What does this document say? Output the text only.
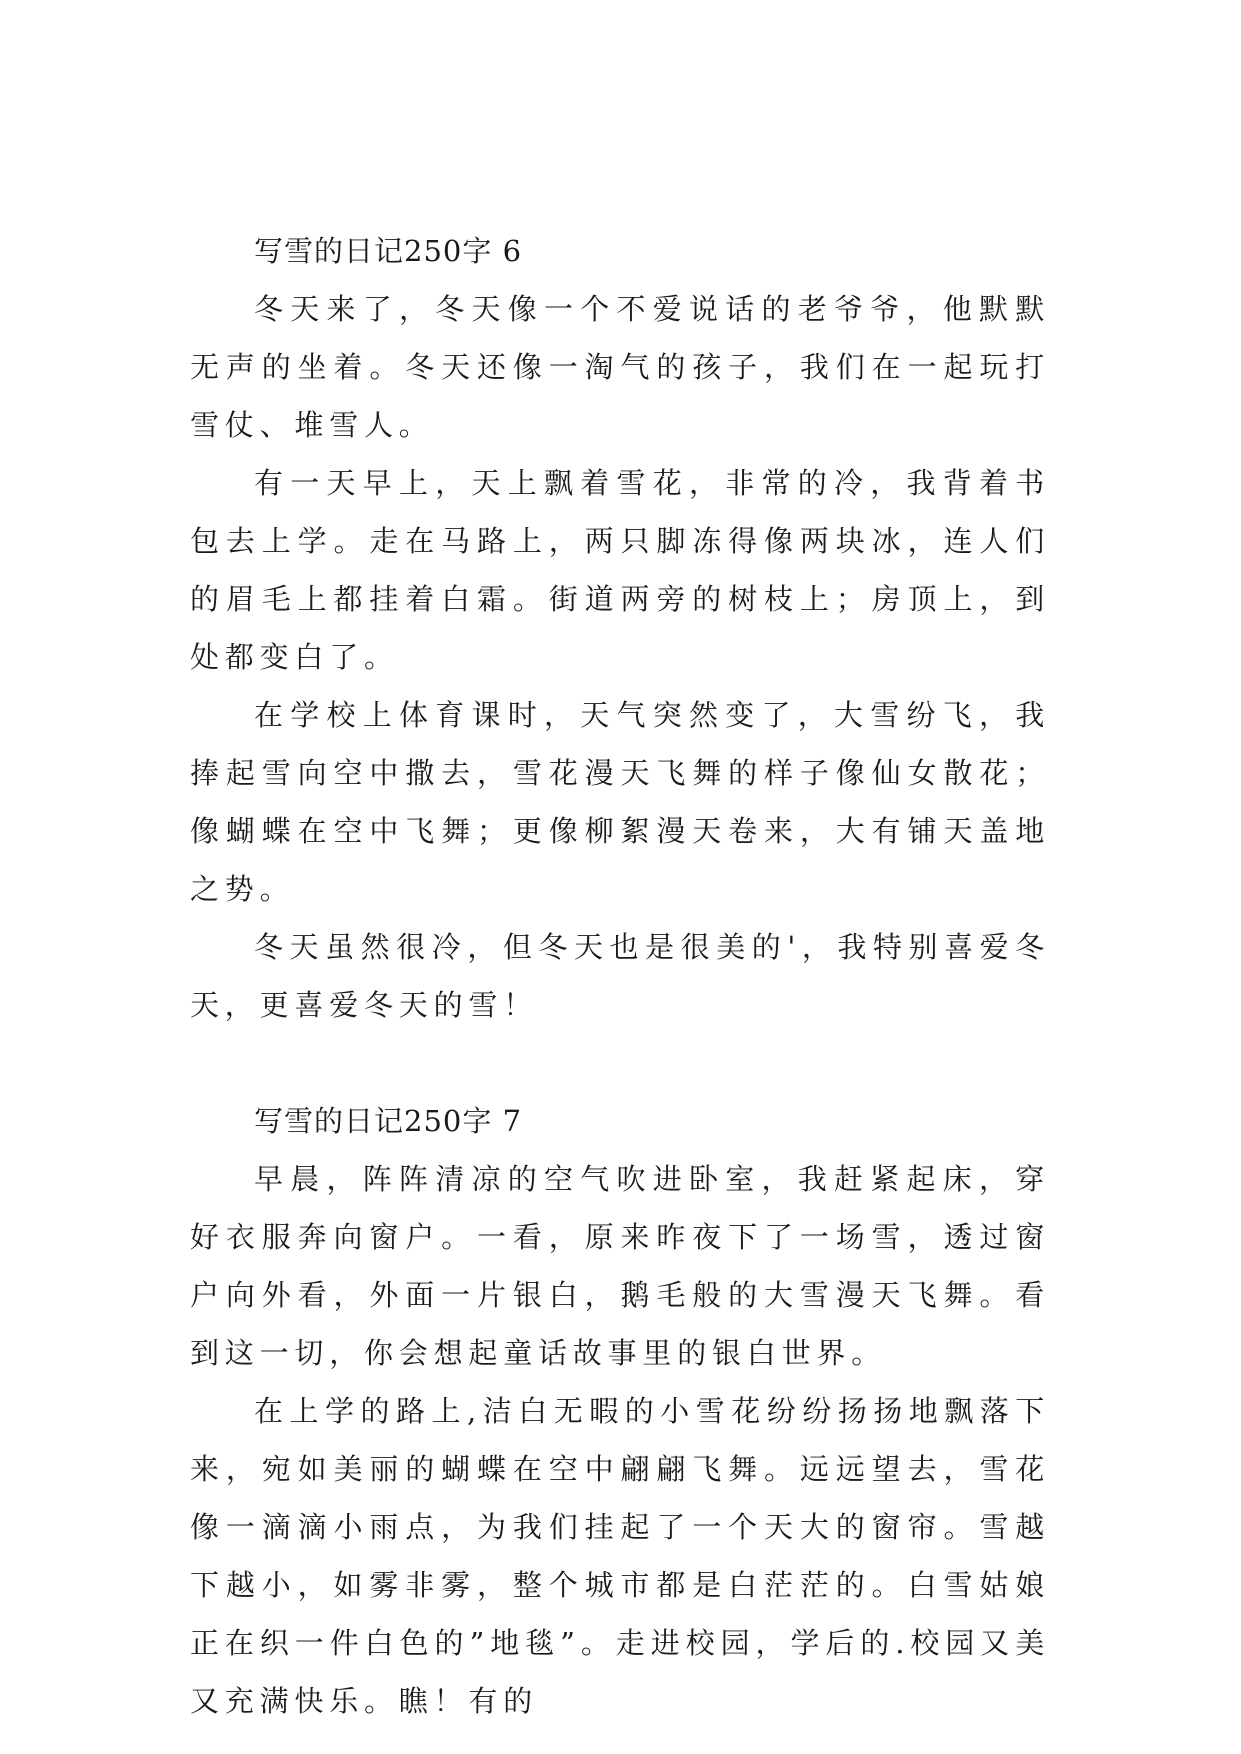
写雪的日记250字 6

冬天来了，冬天像一个不爱说话的老爷爷，他默默无声的坐着。冬天还像一淘气的孩子，我们在一起玩打雪仗、堆雪人。

有一天早上，天上飘着雪花，非常的冷，我背着书包去上学。走在马路上，两只脚冻得像两块冰，连人们的眉毛上都挂着白霜。街道两旁的树枝上；房顶上，到处都变白了。

在学校上体育课时，天气突然变了，大雪纷飞，我捧起雪向空中撒去，雪花漫天飞舞的样子像仙女散花；像蝴蝶在空中飞舞；更像柳絮漫天卷来，大有铺天盖地之势。

冬天虽然很冷，但冬天也是很美的'，我特别喜爱冬天，更喜爱冬天的雪！

写雪的日记250字 7

早晨，阵阵清凉的空气吹进卧室，我赶紧起床，穿好衣服奔向窗户。一看，原来昨夜下了一场雪，透过窗户向外看，外面一片银白，鹅毛般的大雪漫天飞舞。看到这一切，你会想起童话故事里的银白世界。

在上学的路上,洁白无暇的小雪花纷纷扬扬地飘落下来，宛如美丽的蝴蝶在空中翩翩飞舞。远远望去，雪花像一滴滴小雨点，为我们挂起了一个天大的窗帘。雪越下越小，如雾非雾，整个城市都是白茫茫的。白雪姑娘正在织一件白色的”地毯”。走进校园，学后的.校园又美又充满快乐。瞧！有的
